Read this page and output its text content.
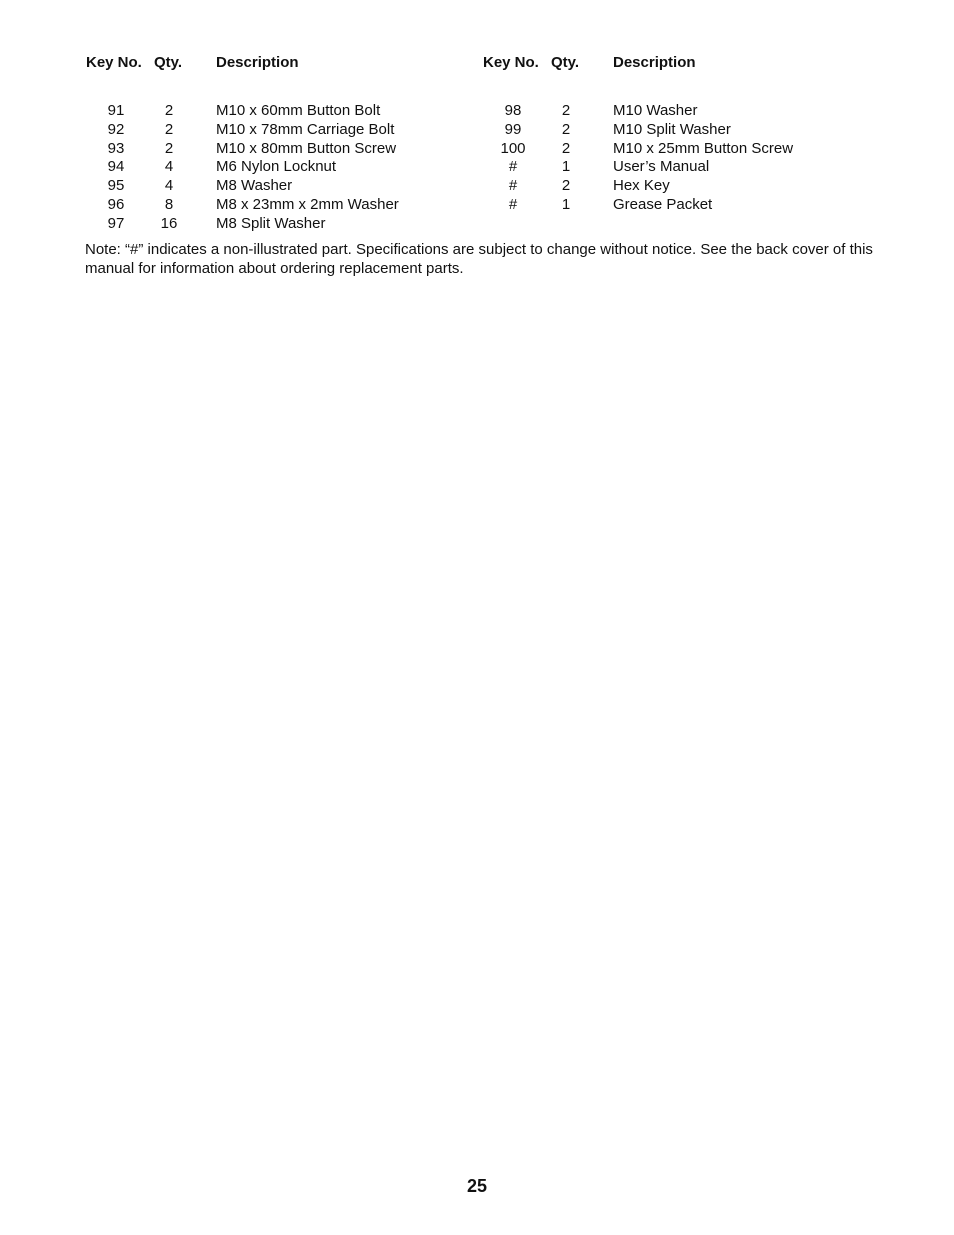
Key No. Qty.	Description
91	2	M10 x 60mm Button Bolt
92	2	M10 x 78mm Carriage Bolt
93	2	M10 x 80mm Button Screw
94	4	M6 Nylon Locknut
95	4	M8 Washer
96	8	M8 x 23mm x 2mm Washer
97	16	M8 Split Washer
Key No. Qty.	Description
98	2	M10 Washer
99	2	M10 Split Washer
100	2	M10 x 25mm Button Screw
#	1	User’s Manual
#	2	Hex Key
#	1	Grease Packet
Note: “#” indicates a non-illustrated part. Specifications are subject to change without notice. See the back cover of this manual for information about ordering replacement parts.
25
